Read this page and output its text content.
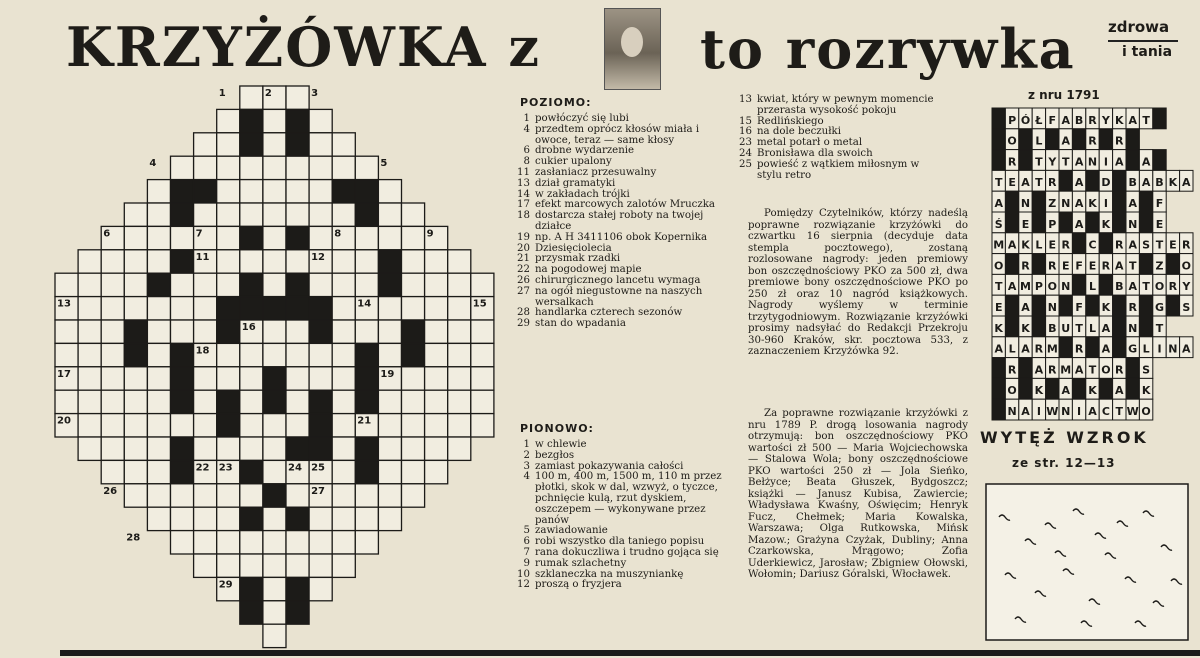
KRZYŻÓWKA z	to rozrywka zdrowa
i tania
1	2	3
4	5
6	7	8	9
11	12
13	14	15
16
17
18
19
20	21
22 23	24 25
26	27
28
29
POZIOMO:
1 powłóczyć się lubi
4 przedtem oprócz kłosów miała i owoce, teraz — same kłosy
6 drobne wydarzenie
8 cukier upalony
11 zasłaniacz przesuwalny
13 dział gramatyki
14 w zakładach trójki
17 efekt marcowych zalotów Mruczka
18 dostarcza stałej roboty na twojej działce
19 np. A H 3411106 obok Kopernika
20 Dziesięciolecia
21 przysmak rzadki
22 na pogodowej mapie
26 chirurgicznego lancetu wymaga
27 na ogół niegustowne na naszych wersalkach
28 handlarka czterech sezonów
29 stan do wpadania
PIONOWO:
1 w chlewie
2 bezgłos
3 zamiast pokazywania całości
4 100 m, 400 m, 1500 m, 110 m przez płotki, skok w dal, wzwyż, o tyczce, pchnięcie kulą, rzut dyskiem, oszczepem — wykonywane przez panów
5 zawiadowanie
6 robi wszystko dla taniego popisu
7 rana dokuczliwa i trudno gojąca się
9 rumak szlachetny
10 szklaneczka na muszyniankę
12 proszą o fryzjera
13 kwiat, który w pewnym momencie przerasta wysokość pokoju
15 Redlińskiego
16 na dole beczułki
23 metal potarł o metal
24 Bronisława dla swoich
25 powieść z wątkiem miłosnym w stylu retro
Pomiędzy Czytelników, którzy nadeślą poprawne rozwiązanie krzyżówki do czwartku 16 sierpnia (decyduje data stempla pocztowego), zostaną rozlosowane nagrody: jeden premiowy bon oszczędnościowy PKO za 500 zł, dwa premiowe bony oszczędnościowe PKO po 250 zł oraz 10 nagród książkowych. Nagrody wyślemy w terminie trzytygodniowym. Rozwiązanie krzyżówki prosimy nadsyłać do Redakcji Przekroju 30-960 Kraków, skr. pocztowa 533, z zaznaczeniem Krzyżówka 92.
Za poprawne rozwiązanie krzyżówki z nru 1789 P. drogą losowania nagrody otrzymują: bon oszczędnościowy PKO wartości zł 500 — Maria Wojciechowska — Stalowa Wola; bony oszczędnościowe PKO wartości 250 zł — Jola Sieńko, Bełżyce; Beata Głuszek, Bydgoszcz; książki — Janusz Kubisa, Zawiercie; Władysława Kwaśny, Oświęcim; Henryk Fucz, Chełmek; Maria Kowalska, Warszawa; Olga Rutkowska, Mińsk Mazow.; Grażyna Czyżak, Dubliny; Anna Czarkowska, Mrągowo; Zofia Uderkiewicz, Jarosław; Zbigniew Ołowski, Wołomin; Dariusz Góralski, Włocławek.
z nru 1791
P Ó Ł F A B R Y K A T
O L A R R
R T Y T A N I A A
T E A T R A D B A B K A
A N Z N A K I A F
Ś E P A K N E
M A K L E R C R A S T E R
O R R E F E R A T Z O
T A M P O N L B A T O R Y
E A N F K R G S
K K B U T L A N T
A L A R M R A G L I N A
R A R M A T O R S
O K A K A K
N A I W N I A C T W O
WYTĘŻ WZROK
ze str. 12—13
